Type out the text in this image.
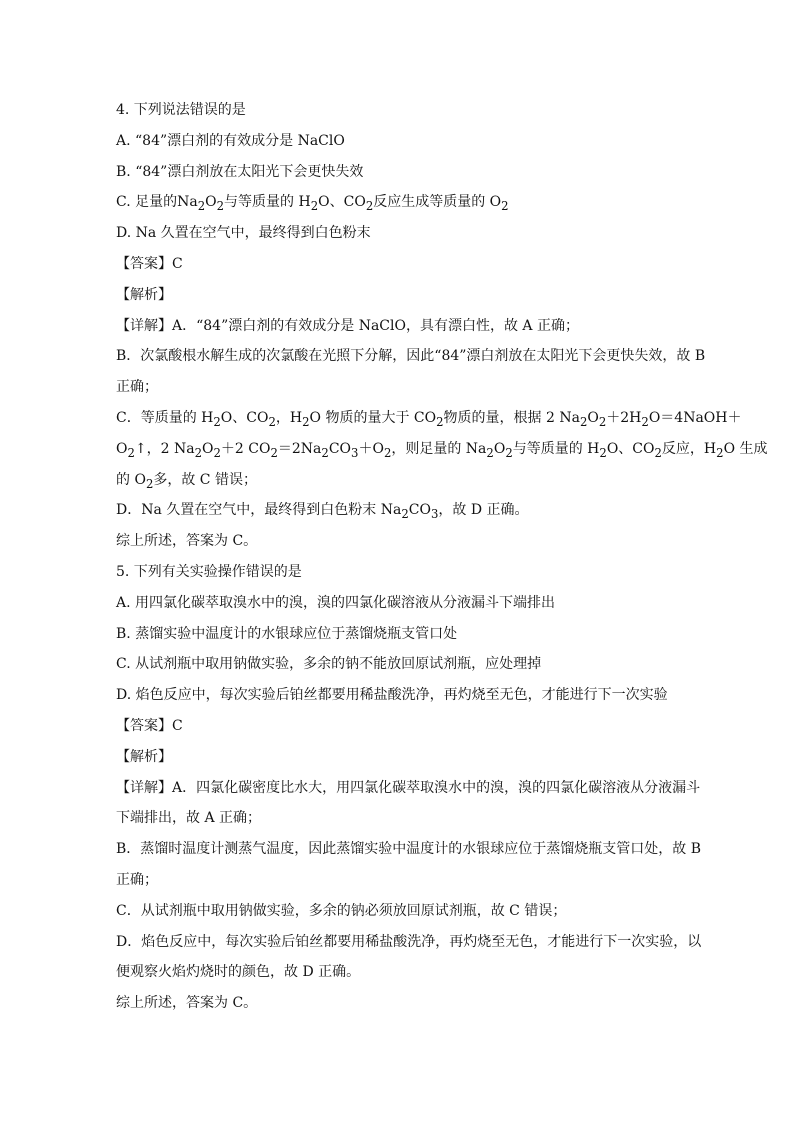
4. 下列说法错误的是
A. “84”漂白剂的有效成分是 NaClO
B. “84”漂白剂放在太阳光下会更快失效
C. 足量的$Na_2O_2$与等质量的 $H_2O$、$CO_2$反应生成等质量的 $O_2$
D. Na 久置在空气中，最终得到白色粉末
【答案】C
【解析】
【详解】A．“84”漂白剂的有效成分是 NaClO，具有漂白性，故 A 正确；
B．次氯酸根水解生成的次氯酸在光照下分解，因此“84”漂白剂放在太阳光下会更快失效，故 B
正确；
C．等质量的 $H_2O$、$CO_2$，$H_2O$ 物质的量大于 $CO_2$物质的量，根据 2 $Na_2O_2+2H_2O=4NaOH+$
$O_2↑$，2 $Na_2O_2+2$ $CO_2=2Na_2CO_3+O_2$，则足量的 $Na_2O_2$与等质量的 $H_2O$、$CO_2$反应，$H_2O$ 生成
的 $O_2$多，故 C 错误；
D．Na 久置在空气中，最终得到白色粉末 $Na_2CO_3$，故 D 正确。
综上所述，答案为 C。
5. 下列有关实验操作错误的是
A. 用四氯化碳萃取溴水中的溴，溴的四氯化碳溶液从分液漏斗下端排出
B. 蒸馏实验中温度计的水银球应位于蒸馏烧瓶支管口处
C. 从试剂瓶中取用钠做实验，多余的钠不能放回原试剂瓶，应处理掉
D. 焰色反应中，每次实验后铂丝都要用稀盐酸洗净，再灼烧至无色，才能进行下一次实验
【答案】C
【解析】
【详解】A．四氯化碳密度比水大，用四氯化碳萃取溴水中的溴，溴的四氯化碳溶液从分液漏斗
下端排出，故 A 正确；
B．蒸馏时温度计测蒸气温度，因此蒸馏实验中温度计的水银球应位于蒸馏烧瓶支管口处，故 B
正确；
C．从试剂瓶中取用钠做实验，多余的钠必须放回原试剂瓶，故 C 错误；
D．焰色反应中，每次实验后铂丝都要用稀盐酸洗净，再灼烧至无色，才能进行下一次实验，以
便观察火焰灼烧时的颜色，故 D 正确。
综上所述，答案为 C。
